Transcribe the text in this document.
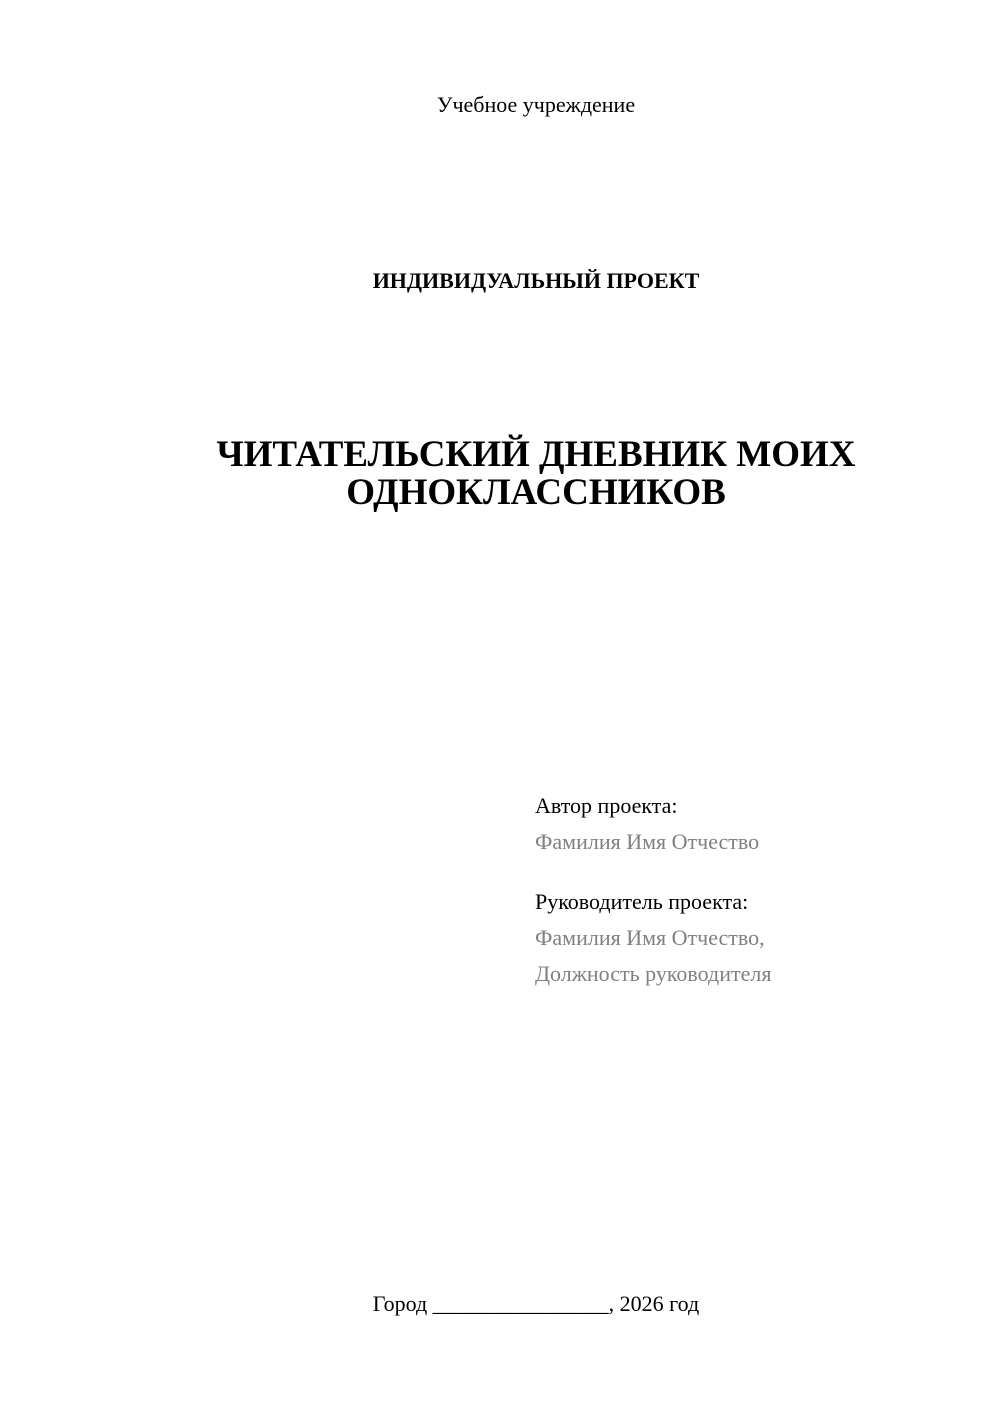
Учебное учреждение
ИНДИВИДУАЛЬНЫЙ ПРОЕКТ
ЧИТАТЕЛЬСКИЙ ДНЕВНИК МОИХ
ОДНОКЛАССНИКОВ
Автор проекта:
Фамилия Имя Отчество
Руководитель проекта:
Фамилия Имя Отчество,
Должность руководителя
Город ________________, 2026 год
